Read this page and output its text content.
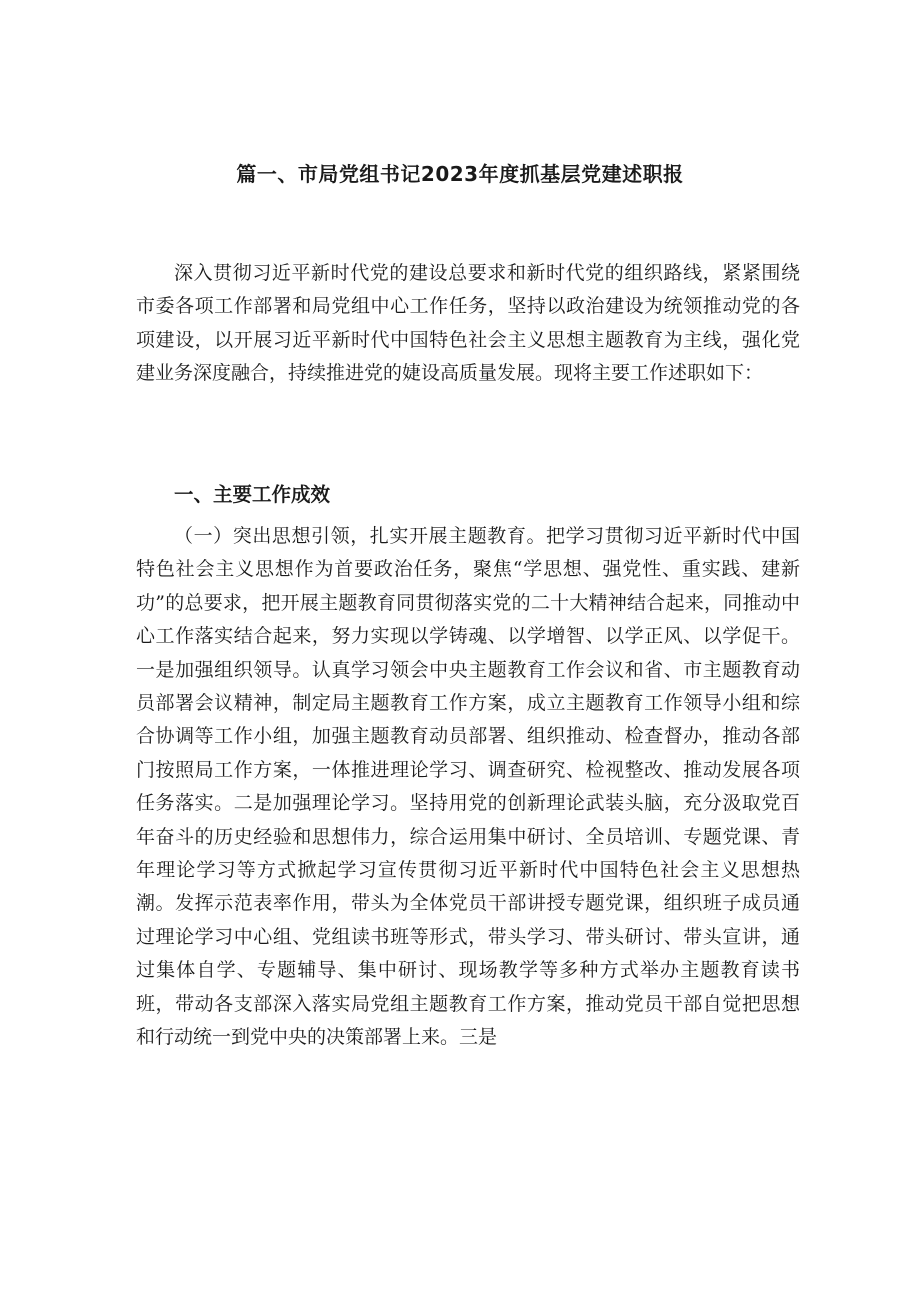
篇一、市局党组书记2023年度抓基层党建述职报

深入贯彻习近平新时代党的建设总要求和新时代党的组织路线，紧紧围绕市委各项工作部署和局党组中心工作任务，坚持以政治建设为统领推动党的各项建设，以开展习近平新时代中国特色社会主义思想主题教育为主线，强化党建业务深度融合，持续推进党的婕设高质量发展。现将主要工作述职如下：

一、主要工作成效

（一）突出思想引领，扎实开展主题教育。把学习贯彻习近平新时代中国特色社会主义思想作为首要政治任务，聚焦“学思想、强党性、重实践、建新功”的总要求，把开展主题教育同贯彻落实党的二十大精神结合起来，同推动中心工作落实结合起来，努力实现以学铸魂、以学增智、以学正风、以学促干。一是加强组织领导。认真学习领会中央主题教育工作会议和省、市主题教育动员部署会议精神，制定局主题教育工作方案，成立主题教育工作领导小组和综合协调等工作小组，加强主题教育动员部署、组织推动、检查督办，推动各部门按照局工作方案，一体推进理论学习、调查研究、检视整改、推动发展各项任务落实。二是加强理论学习。坚持用党的创新理论武装头脑，充分汲取党百年奋斗的历史经验和思想伟力，综合运用集中研讨、全员培训、专题党课、青年理论学习等方式掀起学习宣传贯彻习近平新时代中国特色社会主义思想热潮。发挥示范表率作用，带头为全体党员干部讲授专题党课，组织班子成员通过理论学习中心组、党组读书班等形式，带头学习、带头研讨、带头宣讲，通过集体自学、专题辅导、集中研讨、现场教学等多种方式举办主题教育读书班，带动各支部深入落实局党组主题教育工作方案，推动党员干部自觉把思想和行动统一到党中央的决策部署上来。三是
